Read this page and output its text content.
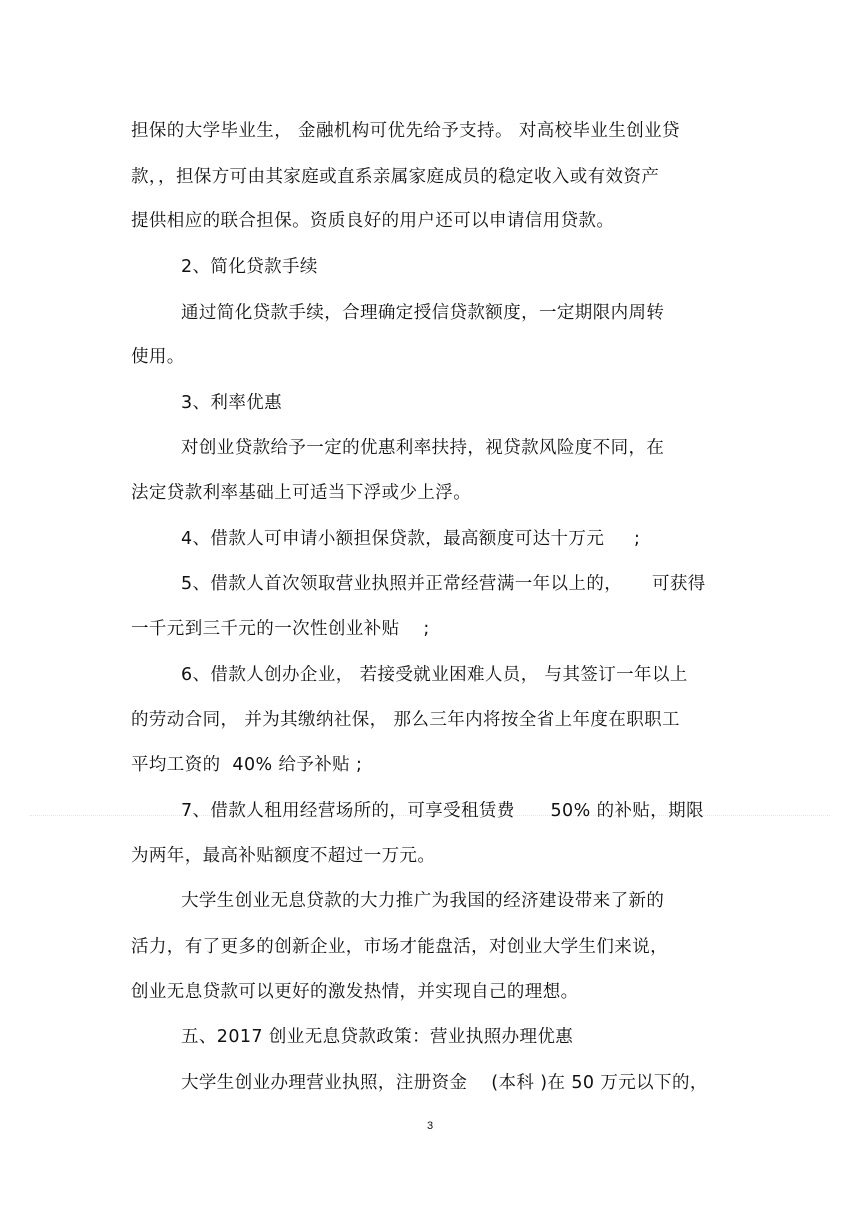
担保的大学毕业生， 金融机构可优先给予支持。 对高校毕业生创业贷
款，，担保方可由其家庭或直系亲属家庭成员的稳定收入或有效资产
提供相应的联合担保。资质良好的用户还可以申请信用贷款。
2、简化贷款手续
通过简化贷款手续，合理确定授信贷款额度，一定期限内周转
使用。
3、利率优惠
对创业贷款给予一定的优惠利率扶持，视贷款风险度不同，在
法定贷款利率基础上可适当下浮或少上浮。
4、借款人可申请小额担保贷款，最高额度可达十万元     ;
5、借款人首次领取营业执照并正常经营满一年以上的，     可获得
一千元到三千元的一次性创业补贴    ;
6、借款人创办企业， 若接受就业困难人员， 与其签订一年以上
的劳动合同， 并为其缴纳社保， 那么三年内将按全省上年度在职职工
平均工资的  40% 给予补贴 ;
7、借款人租用经营场所的，可享受租赁费      50% 的补贴，期限
为两年，最高补贴额度不超过一万元。
大学生创业无息贷款的大力推广为我国的经济建设带来了新的
活力，有了更多的创新企业，市场才能盘活，对创业大学生们来说，
创业无息贷款可以更好的激发热情，并实现自己的理想。
五、2017 创业无息贷款政策：营业执照办理优惠
大学生创业办理营业执照，注册资金    (本科 )在 50 万元以下的，
3
